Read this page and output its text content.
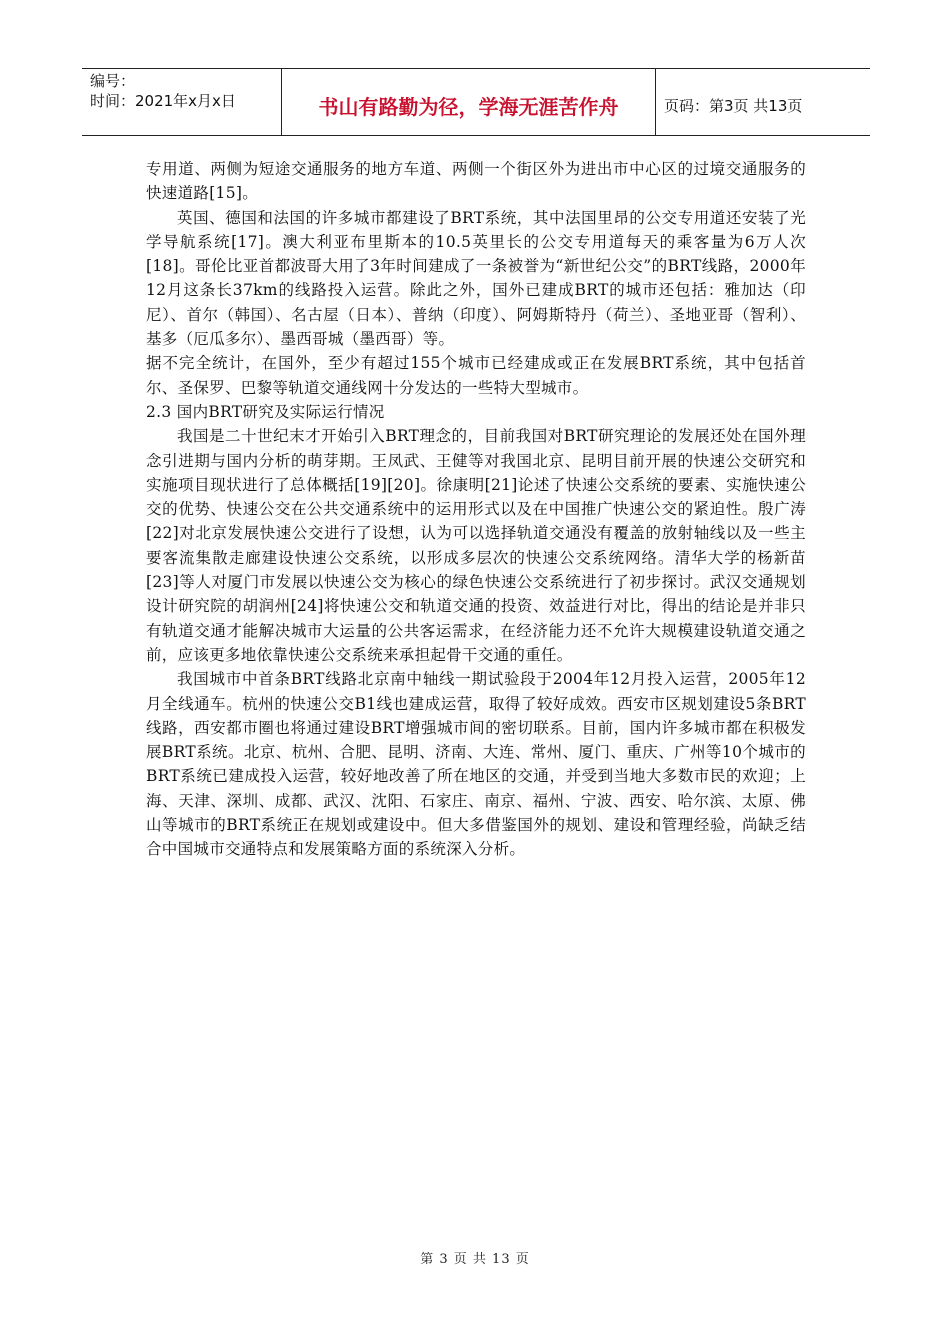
编号：
时间：2021年x月x日	书山有路勤为径，学海无涯苦作舟	页码：第3页 共13页

专用道、两侧为短途交通服务的地方车道、两侧一个街区外为进出市中心区的过境交通服务的快速道路[15]。

英国、德国和法国的许多城市都建设了BRT系统，其中法国里昂的公交专用道还安装了光学导航系统[17]。澳大利亚布里斯本的10.5英里长的公交专用道每天的乘客量为6万人次[18]。哥伦比亚首都波哥大用了3年时间建成了一条被誉为“新世纪公交”的BRT线路，2000年12月这条长37km的线路投入运营。除此之外，国外已建成BRT的城市还包括：雅加达（印尼）、首尔（韩国）、名古屋（日本）、普纳（印度）、阿姆斯特丹（荷兰）、圣地亚哥（智利）、基多（厄瓜多尔）、墨西哥城（墨西哥）等。

据不完全统计，在国外，至少有超过155个城市已经建成或正在发展BRT系统，其中包括首尔、圣保罗、巴黎等轨道交通线网十分发达的一些特大型城市。

2.3 国内BRT研究及实际运行情况

我国是二十世纪末才开始引入BRT理念的，目前我国对BRT研究理论的发展还处在国外理念引进期与国内分析的萌芽期。王凤武、王健等对我国北京、昆明目前开展的快速公交研究和实施项目现状进行了总体概括[19][20]。徐康明[21]论述了快速公交系统的要素、实施快速公交的优势、快速公交在公共交通系统中的运用形式以及在中国推广快速公交的紧迫性。殷广涛[22]对北京发展快速公交进行了设想，认为可以选择轨道交通没有覆盖的放射轴线以及一些主要客流集散走廊建设快速公交系统，以形成多层次的快速公交系统网络。清华大学的杨新苗[23]等人对厦门市发展以快速公交为核心的绿色快速公交系统进行了初步探讨。武汉交通规划设计研究院的胡润州[24]将快速公交和轨道交通的投资、效益进行对比，得出的结论是并非只有轨道交通才能解决城市大运量的公共客运需求，在经济能力还不允许大规模建设轨道交通之前，应该更多地依靠快速公交系统来承担起骨干交通的重任。

我国城市中首条BRT线路北京南中轴线一期试验段于2004年12月投入运营，2005年12月全线通车。杭州的快速公交B1线也建成运营，取得了较好成效。西安市区规划建设5条BRT线路，西安都市圈也将通过建设BRT增强城市间的密切联系。目前，国内许多城市都在积极发展BRT系统。北京、杭州、合肥、昆明、济南、大连、常州、厦门、重庆、广州等10个城市的BRT系统已建成投入运营，较好地改善了所在地区的交通，并受到当地大多数市民的欢迎；上海、天津、深圳、成都、武汉、沈阳、石家庄、南京、福州、宁波、西安、哈尔滨、太原、佛山等城市的BRT系统正在规划或建设中。但大多借鉴国外的规划、建设和管理经验，尚缺乏结合中国城市交通特点和发展策略方面的系统深入分析。

第 3 页 共 13 页
